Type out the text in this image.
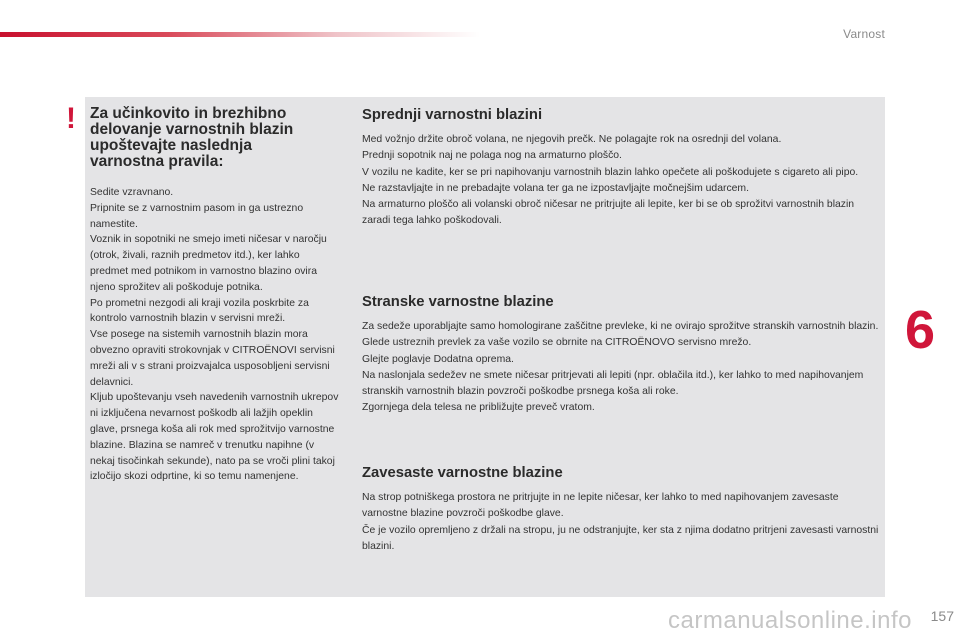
Varnost
! Za učinkovito in brezhibno delovanje varnostnih blazin upoštevajte naslednja varnostna pravila:

Sedite vzravnano.
Pripnite se z varnostnim pasom in ga ustrezno namestite.
Voznik in sopotniki ne smejo imeti ničesar v naročju (otrok, živali, raznih predmetov itd.), ker lahko predmet med potnikom in varnostno blazino ovira njeno sprožitev ali poškoduje potnika.
Po prometni nezgodi ali kraji vozila poskrbite za kontrolo varnostnih blazin v servisni mreži.
Vse posege na sistemih varnostnih blazin mora obvezno opraviti strokovnjak v CITROËNOVI servisni mreži ali v s strani proizvajalca usposobljeni servisni delavnici.
Kljub upoštevanju vseh navedenih varnostnih ukrepov ni izključena nevarnost poškodb ali lažjih opeklin glave, prsnega koša ali rok med sprožitvijo varnostne blazine. Blazina se namreč v trenutku napihne (v nekaj tisočinkah sekunde), nato pa se vroči plini takoj izločijo skozi odprtine, ki so temu namenjene.

Sprednji varnostni blazini

Med vožnjo držite obroč volana, ne njegovih prečk. Ne polagajte rok na osrednji del volana.
Prednji sopotnik naj ne polaga nog na armaturno ploščo.
V vozilu ne kadite, ker se pri napihovanju varnostnih blazin lahko opečete ali poškodujete s cigareto ali pipo.
Ne razstavljajte in ne prebadajte volana ter ga ne izpostavljajte močnejšim udarcem.
Na armaturno ploščo ali volanski obroč ničesar ne pritrjujte ali lepite, ker bi se ob sprožitvi varnostnih blazin zaradi tega lahko poškodovali.

Stranske varnostne blazine

Za sedeže uporabljajte samo homologirane zaščitne prevleke, ki ne ovirajo sprožitve stranskih varnostnih blazin. Glede ustreznih prevlek za vaše vozilo se obrnite na CITROËNOVO servisno mrežo.
Glejte poglavje Dodatna oprema.
Na naslonjala sedežev ne smete ničesar pritrjevati ali lepiti (npr. oblačila itd.), ker lahko to med napihovanjem stranskih varnostnih blazin povzroči poškodbe prsnega koša ali roke.
Zgornjega dela telesa ne približujte preveč vratom.

Zavesaste varnostne blazine

Na strop potniškega prostora ne pritrjujte in ne lepite ničesar, ker lahko to med napihovanjem zavesaste varnostne blazine povzroči poškodbe glave.
Če je vozilo opremljeno z držali na stropu, ju ne odstranjujte, ker sta z njima dodatno pritrjeni zavesasti varnostni blazini.

6
carmanualsonline.info 157
